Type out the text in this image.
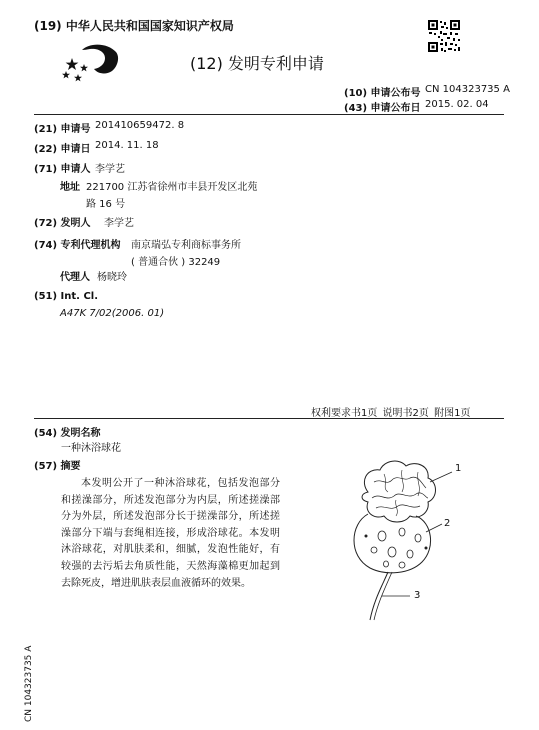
(19) 中华人民共和国国家知识产权局
(12) 发明专利申请
(10) 申请公布号 CN 104323735 A
(43) 申请公布日 2015. 02. 04
(21) 申请号 201410659472. 8
(22) 申请日 2014. 11. 18
(71) 申请人 李学艺
地址 221700 江苏省徐州市丰县开发区北苑
路 16 号
(72) 发明人 李学艺
(74) 专利代理机构 南京瑞弘专利商标事务所
( 普通合伙 ) 32249
代理人 杨晓玲
(51) Int. Cl.
A47K 7/02(2006. 01)
权利要求书1页 说明书2页 附图1页
(54) 发明名称
一种沐浴球花
(57) 摘要
本发明公开了一种沐浴球花，包括发泡部分和搓澡部分，所述发泡部分为内层，所述搓澡部分为外层，所述发泡部分长于搓澡部分，所述搓澡部分下端与套绳相连接，形成浴球花。本发明沐浴球花，对肌肤柔和，细腻，发泡性能好，有较强的去污垢去角质性能，天然海藻棉更加起到去除死皮，增进肌肤表层血液循环的效果。
1
2
3
CN 104323735 A
